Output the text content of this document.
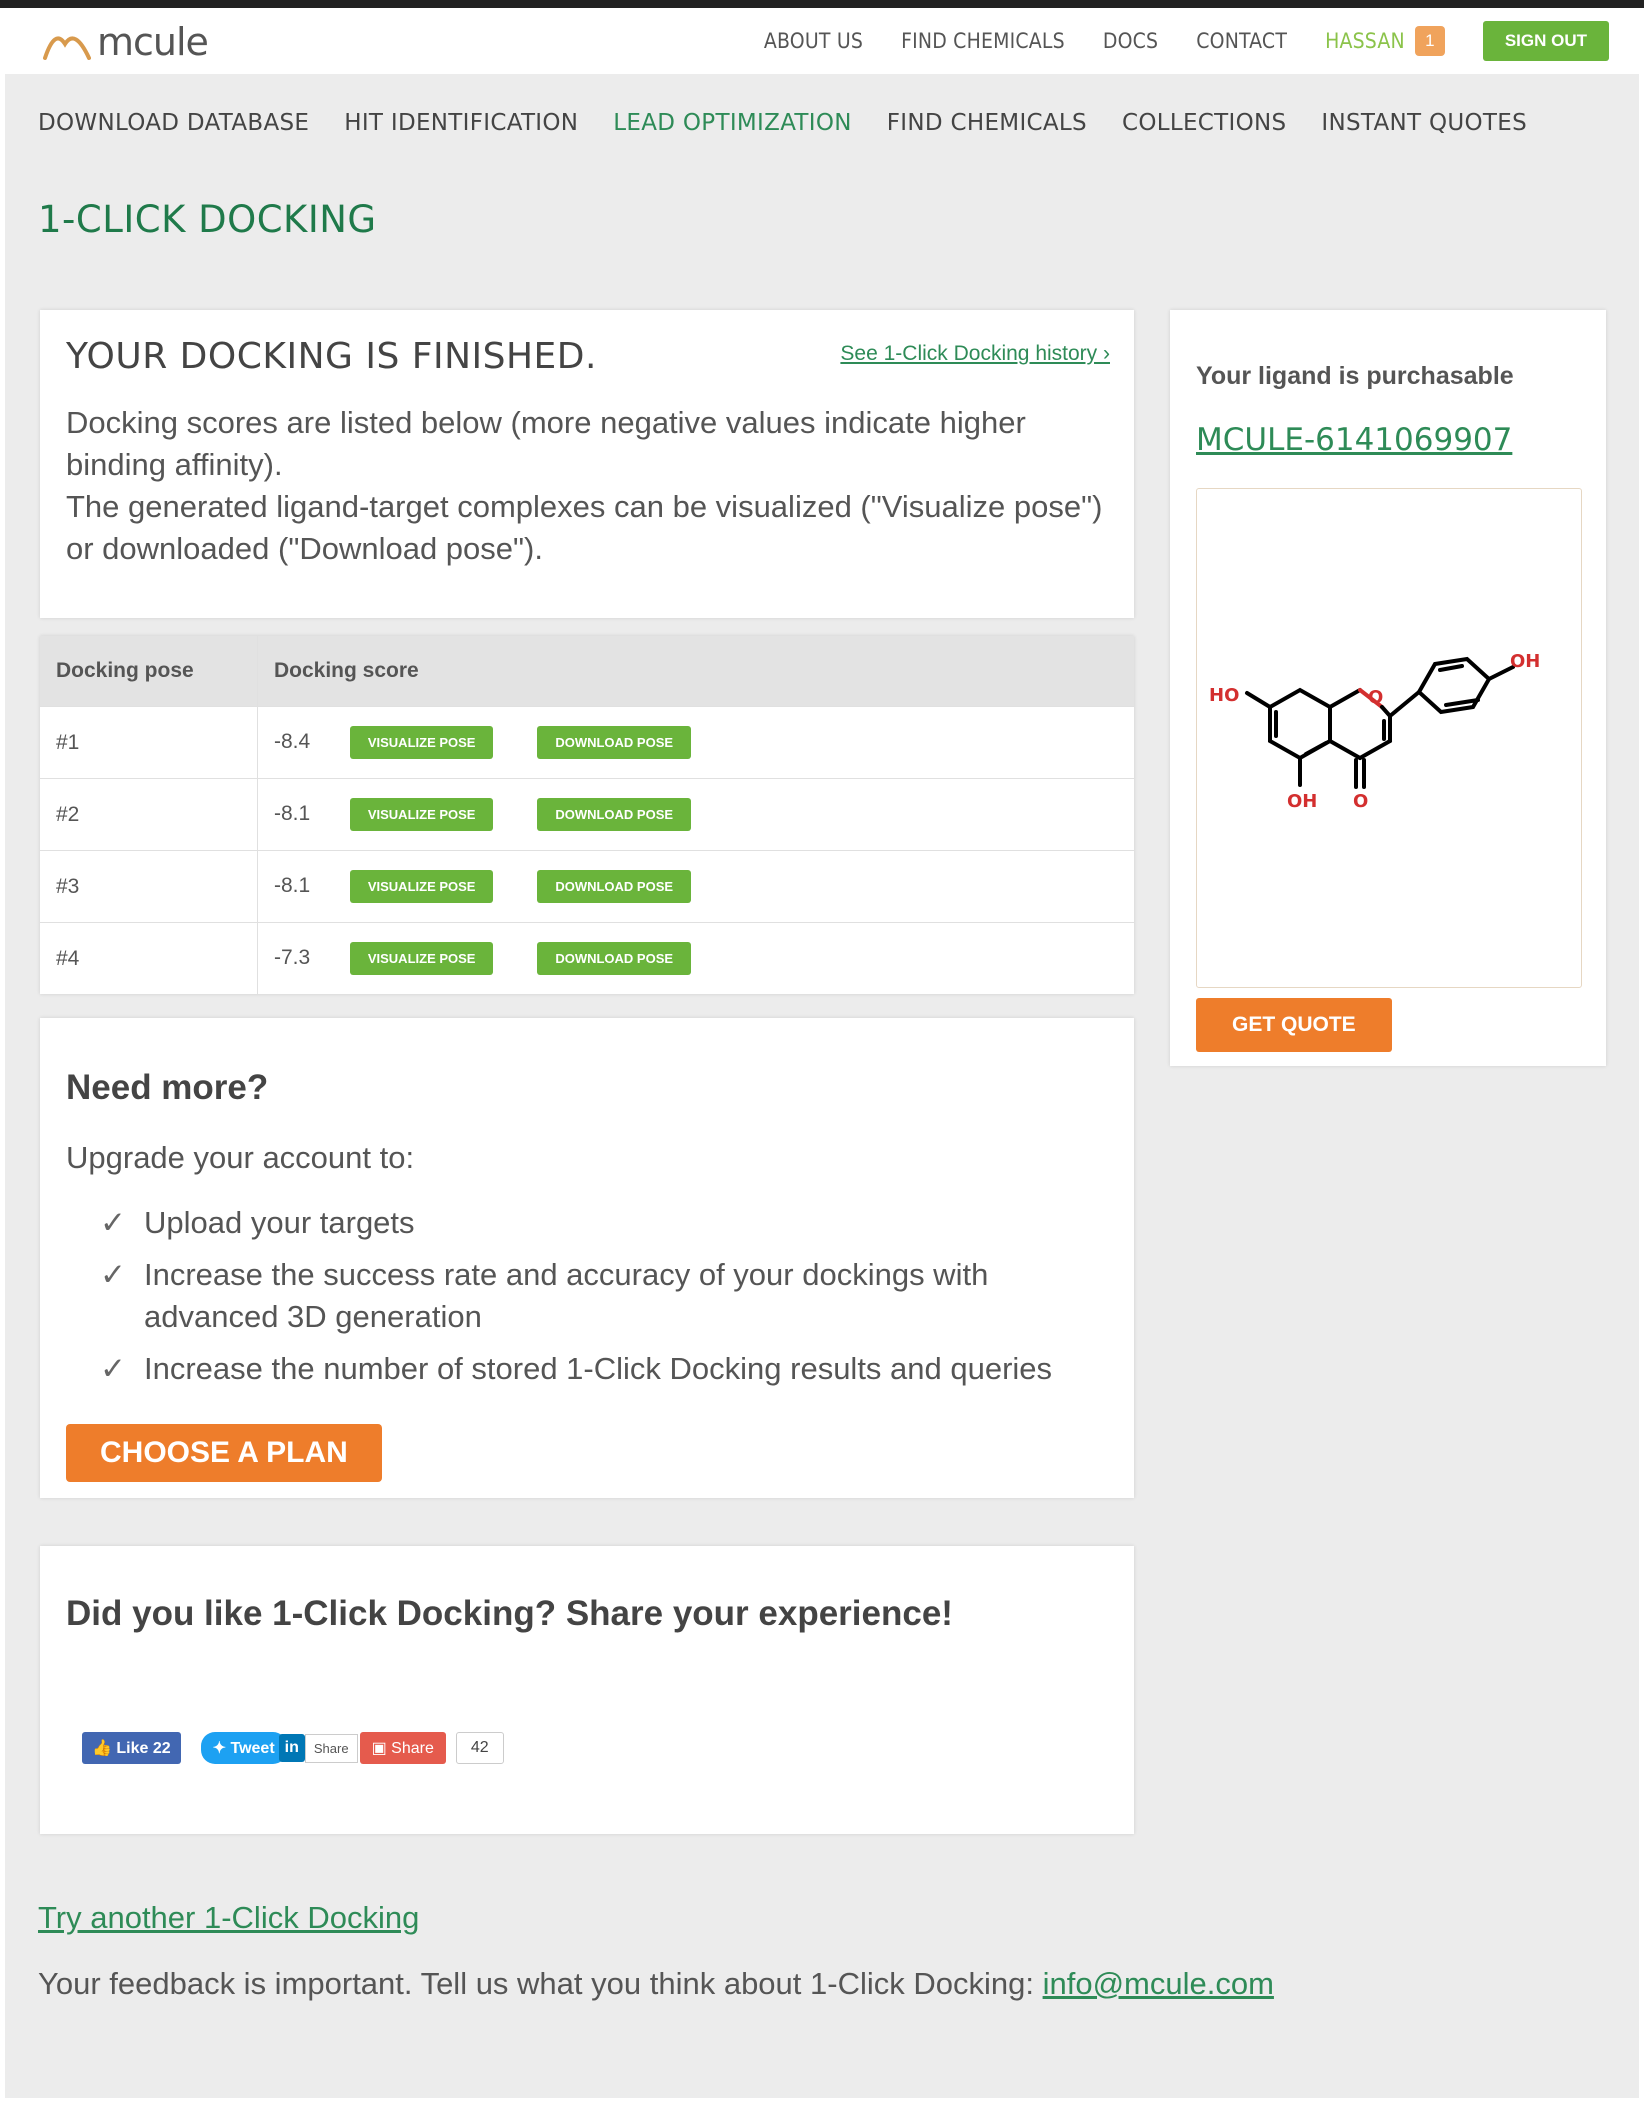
mcule	ABOUT US FIND CHEMICALS DOCS CONTACT HASSAN	1	SIGN OUT
DOWNLOAD DATABASE HIT IDENTIFICATION LEAD OPTIMIZATION FIND CHEMICALS COLLECTIONS INSTANT QUOTES
1-CLICK DOCKING
YOUR DOCKING IS FINISHED.	See 1-Click Docking history ›
Docking scores are listed below (more negative values indicate higher binding affinity).
The generated ligand-target complexes can be visualized ("Visualize pose") or downloaded ("Download pose").
Docking pose	Docking score
#1	-8.4 VISUALIZE POSE DOWNLOAD POSE
#2	-8.1 VISUALIZE POSE DOWNLOAD POSE
#3	-8.1 VISUALIZE POSE DOWNLOAD POSE
#4	-7.3 VISUALIZE POSE DOWNLOAD POSE
Need more?
Upgrade your account to:
✓ Upload your targets
✓ Increase the success rate and accuracy of your dockings with advanced 3D generation
✓ Increase the number of stored 1-Click Docking results and queries
CHOOSE A PLAN
Did you like 1-Click Docking? Share your experience!
👍 Like 22	✦ Tweet in	Share	▣ Share	42
Try another 1-Click Docking
Your feedback is important. Tell us what you think about 1-Click Docking: info@mcule.com
Your ligand is purchasable
MCULE-6141069907
HO	O
OH
OH O
GET QUOTE
